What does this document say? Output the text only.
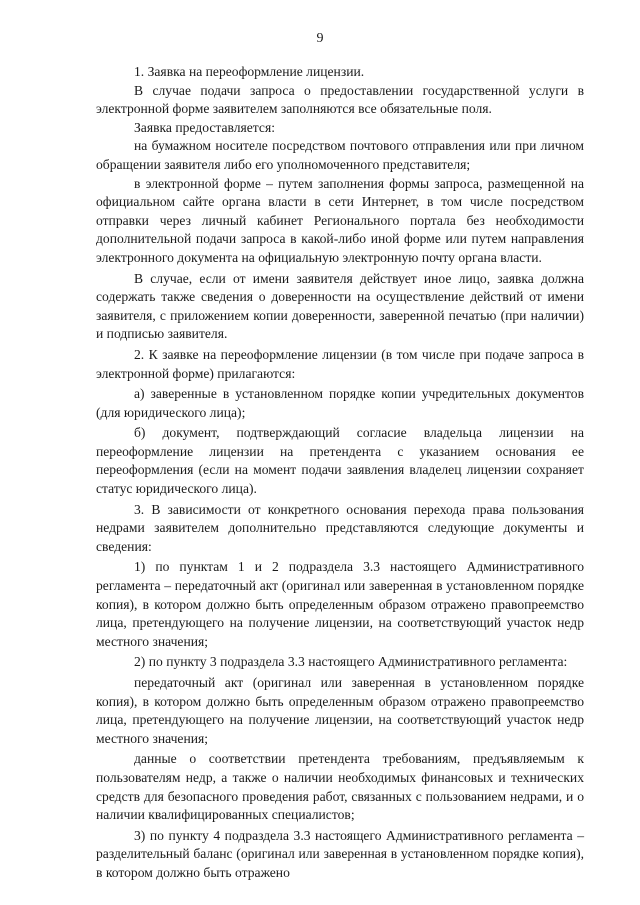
9

1. Заявка на переоформление лицензии.

В случае подачи запроса о предоставлении государственной услуги в электронной форме заявителем заполняются все обязательные поля.

Заявка предоставляется:

на бумажном носителе посредством почтового отправления или при личном обращении заявителя либо его уполномоченного представителя;

в электронной форме – путем заполнения формы запроса, размещенной на официальном сайте органа власти в сети Интернет, в том числе посредством отправки через личный кабинет Регионального портала без необходимости дополнительной подачи запроса в какой-либо иной форме или путем направления электронного документа на официальную электронную почту органа власти.

В случае, если от имени заявителя действует иное лицо, заявка должна содержать также сведения о доверенности на осуществление действий от имени заявителя, с приложением копии доверенности, заверенной печатью (при наличии) и подписью заявителя.

2. К заявке на переоформление лицензии (в том числе при подаче запроса в электронной форме) прилагаются:

а) заверенные в установленном порядке копии учредительных документов (для юридического лица);

б) документ, подтверждающий согласие владельца лицензии на переоформление лицензии на претендента с указанием основания ее переоформления (если на момент подачи заявления владелец лицензии сохраняет статус юридического лица).

3. В зависимости от конкретного основания перехода права пользования недрами заявителем дополнительно представляются следующие документы и сведения:

1) по пунктам 1 и 2 подраздела 3.3 настоящего Административного регламента – передаточный акт (оригинал или заверенная в установленном порядке копия), в котором должно быть определенным образом отражено правопреемство лица, претендующего на получение лицензии, на соответствующий участок недр местного значения;

2) по пункту 3 подраздела 3.3 настоящего Административного регламента:

передаточный акт (оригинал или заверенная в установленном порядке копия), в котором должно быть определенным образом отражено правопреемство лица, претендующего на получение лицензии, на соответствующий участок недр местного значения;

данные о соответствии претендента требованиям, предъявляемым к пользователям недр, а также о наличии необходимых финансовых и технических средств для безопасного проведения работ, связанных с пользованием недрами, и о наличии квалифицированных специалистов;

3) по пункту 4 подраздела 3.3 настоящего Административного регламента – разделительный баланс (оригинал или заверенная в установленном порядке копия), в котором должно быть отражено
